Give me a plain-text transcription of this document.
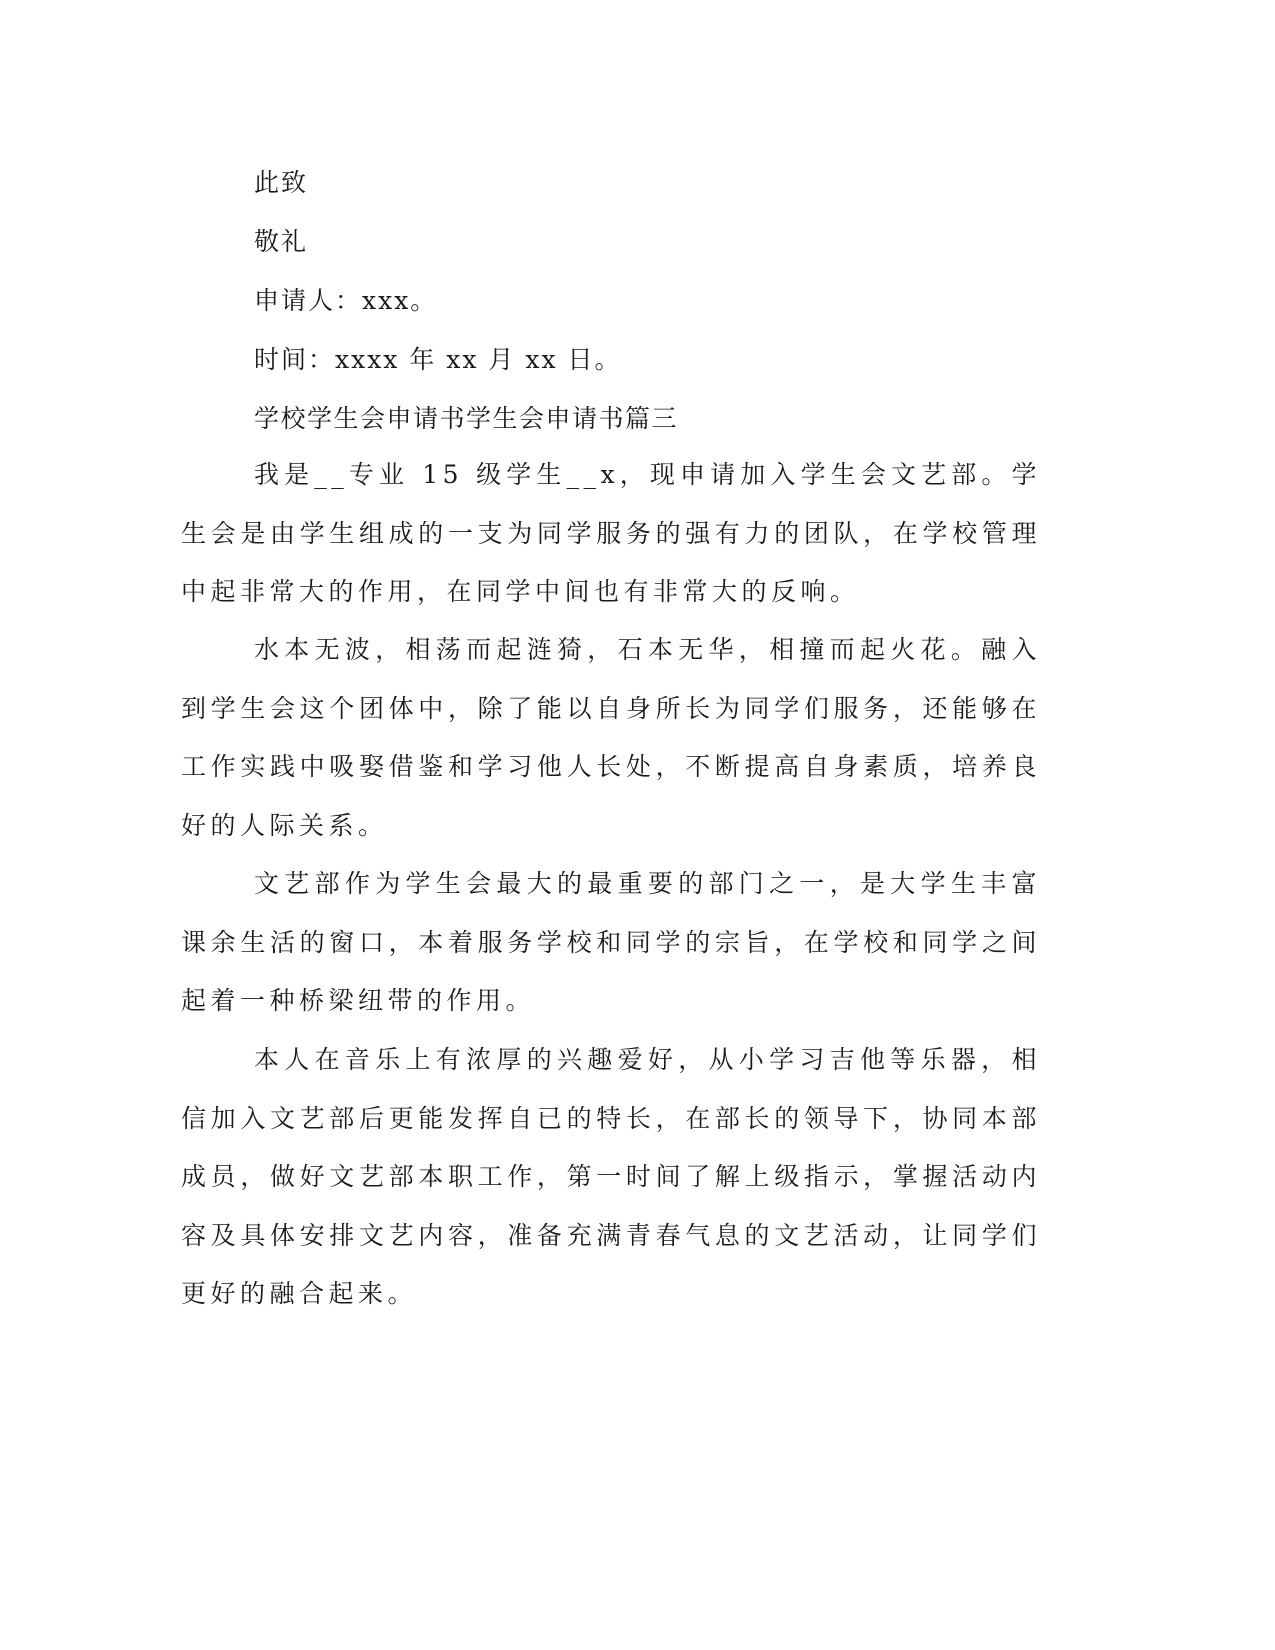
此致
敬礼
申请人：xxx。
时间：xxxx 年 xx 月 xx 日。
学校学生会申请书学生会申请书篇三
我是__专业 15 级学生__x，现申请加入学生会文艺部。学生会是由学生组成的一支为同学服务的强有力的团队，在学校管理中起非常大的作用，在同学中间也有非常大的反响。
水本无波，相荡而起涟猗，石本无华，相撞而起火花。融入到学生会这个团体中，除了能以自身所长为同学们服务，还能够在工作实践中吸娶借鉴和学习他人长处，不断提高自身素质，培养良好的人际关系。
文艺部作为学生会最大的最重要的部门之一，是大学生丰富课余生活的窗口，本着服务学校和同学的宗旨，在学校和同学之间起着一种桥梁纽带的作用。
本人在音乐上有浓厚的兴趣爱好，从小学习吉他等乐器，相信加入文艺部后更能发挥自已的特长，在部长的领导下，协同本部成员，做好文艺部本职工作，第一时间了解上级指示，掌握活动内容及具体安排文艺内容，准备充满青春气息的文艺活动，让同学们更好的融合起来。
